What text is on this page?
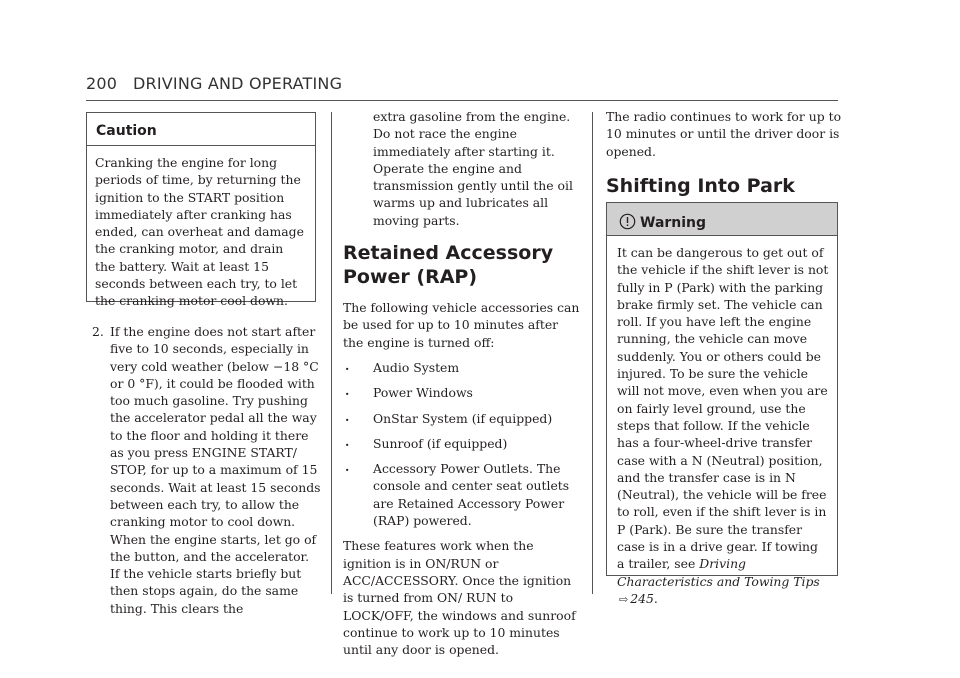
200 DRIVING AND OPERATING
Caution

Cranking the engine for long periods of time, by returning the ignition to the START position immediately after cranking has ended, can overheat and damage the cranking motor, and drain the battery. Wait at least 15 seconds between each try, to let the cranking motor cool down.

2. If the engine does not start after five to 10 seconds, especially in very cold weather (below −18 °C or 0 °F), it could be flooded with too much gasoline. Try pushing the accelerator pedal all the way to the floor and holding it there as you press ENGINE START/ STOP, for up to a maximum of 15 seconds. Wait at least 15 seconds between each try, to allow the cranking motor to cool down. When the engine starts, let go of the button, and the accelerator. If the vehicle starts briefly but then stops again, do the same thing. This clears the

extra gasoline from the engine. Do not race the engine immediately after starting it. Operate the engine and transmission gently until the oil warms up and lubricates all moving parts.

Retained Accessory Power (RAP)

The following vehicle accessories can be used for up to 10 minutes after the engine is turned off:

. Audio System
. Power Windows
. OnStar System (if equipped)
. Sunroof (if equipped)
. Accessory Power Outlets. The console and center seat outlets are Retained Accessory Power (RAP) powered.

These features work when the ignition is in ON/RUN or ACC/ACCESSORY. Once the ignition is turned from ON/ RUN to LOCK/OFF, the windows and sunroof continue to work up to 10 minutes until any door is opened.

The radio continues to work for up to 10 minutes or until the driver door is opened.

Shifting Into Park
Warning

It can be dangerous to get out of the vehicle if the shift lever is not fully in P (Park) with the parking brake firmly set. The vehicle can roll. If you have left the engine running, the vehicle can move suddenly. You or others could be injured. To be sure the vehicle will not move, even when you are on fairly level ground, use the steps that follow. If the vehicle has a four-wheel-drive transfer case with a N (Neutral) position, and the transfer case is in N (Neutral), the vehicle will be free to roll, even if the shift lever is in P (Park). Be sure the transfer case is in a drive gear. If towing a trailer, see Driving Characteristics and Towing Tips ⇨ 245.
